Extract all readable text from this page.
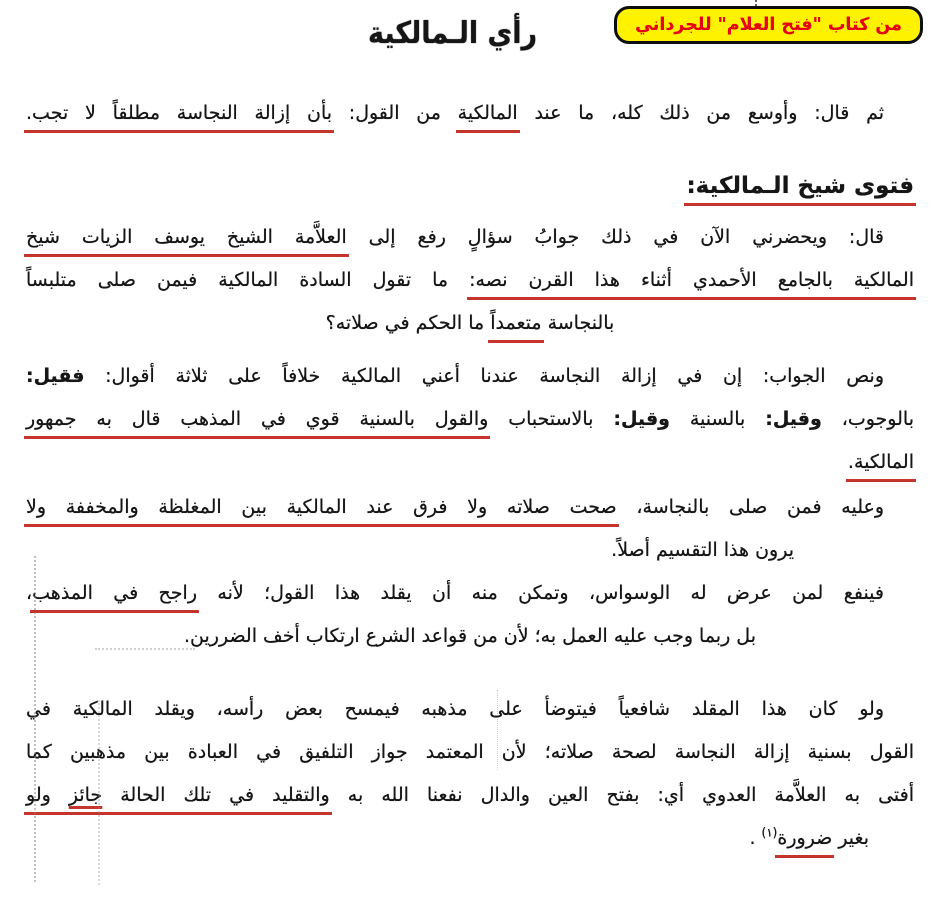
رأي الـمالكية	من كتاب "فتح العلام" للجرداني
ثم قال: وأوسع من ذلك كله، ما عند المالكية من القول: بأن إزالة النجاسة مطلقاً لا تجب.
فتوى شيخ الـمالكية:
قال: ويحضرني الآن في ذلك جوابُ سؤالٍ رفع إلى العلاَّمة الشيخ يوسف الزيات شيخ
المالكية بالجامع الأحمدي أثناء هذا القرن نصه: ما تقول السادة المالكية فيمن صلى متلبساً
بالنجاسة متعمداً ما الحكم في صلاته؟
ونص الجواب: إن في إزالة النجاسة عندنا أعني المالكية خلافاً على ثلاثة أقوال: فقيل:
بالوجوب، وقيل: بالسنية وقيل: بالاستحباب والقول بالسنية قوي في المذهب قال به جمهور
المالكية.
وعليه فمن صلى بالنجاسة، صحت صلاته ولا فرق عند المالكية بين المغلظة والمخففة ولا
يرون هذا التقسيم أصلاً.
فينفع لمن عرض له الوسواس، وتمكن منه أن يقلد هذا القول؛ لأنه راجح في المذهب،
بل ربما وجب عليه العمل به؛ لأن من قواعد الشرع ارتكاب أخف الضررين.
ولو كان هذا المقلد شافعياً فيتوضأ على مذهبه فيمسح بعض رأسه، ويقلد المالكية في
القول بسنية إزالة النجاسة لصحة صلاته؛ لأن المعتمد جواز التلفيق في العبادة بين مذهبين كما
أفتى به العلاَّمة العدوي أي: بفتح العين والدال نفعنا الله به والتقليد في تلك الحالة جائز ولو
بغير ضرورة$^{(١)}$ .
